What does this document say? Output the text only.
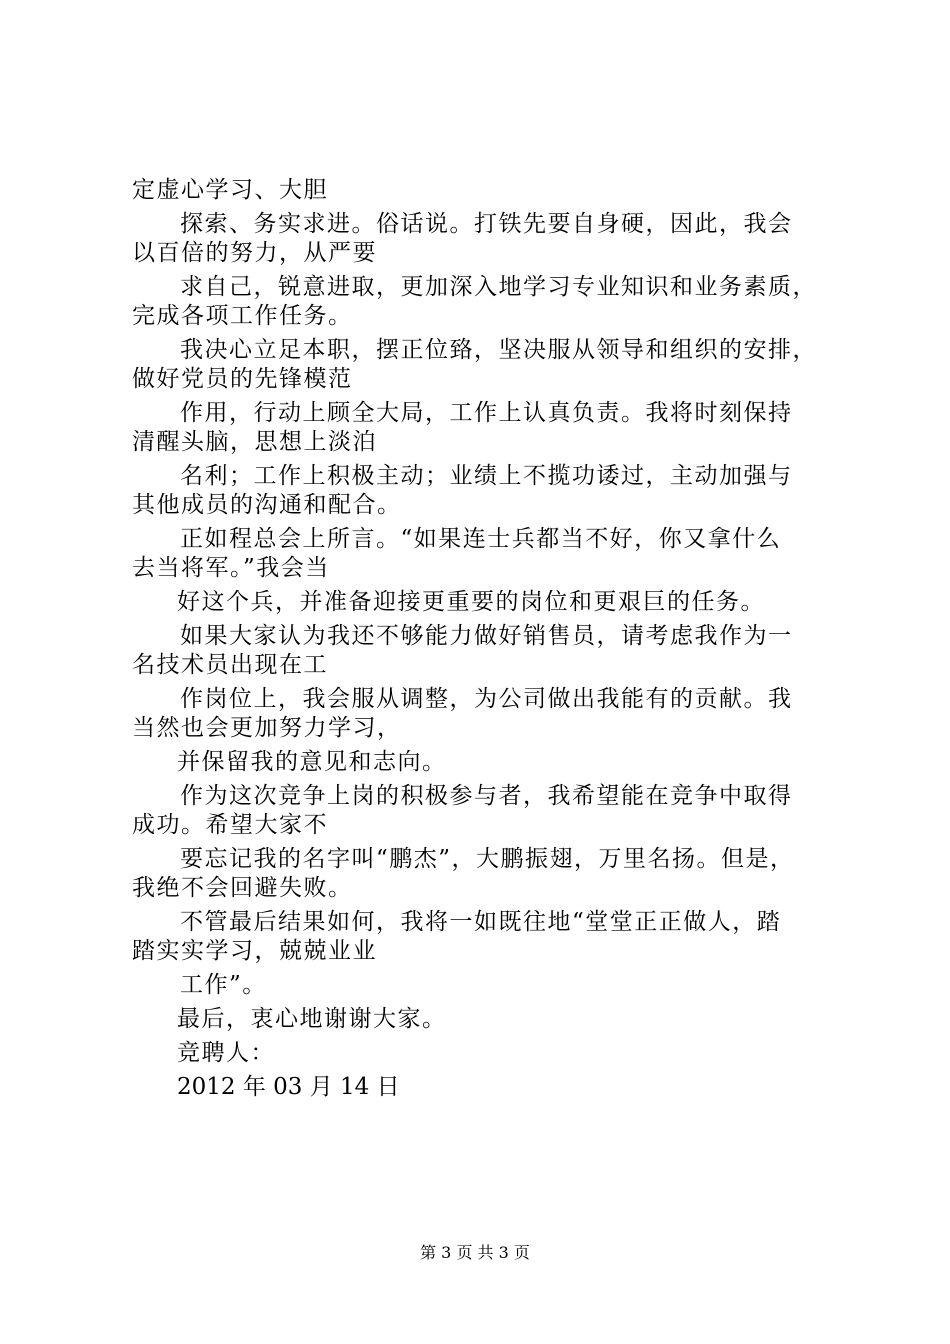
定虚心学习、大胆
探索、务实求进。俗话说。打铁先要自身硬，因此，我会
以百倍的努力，从严要
求自己，锐意进取，更加深入地学习专业知识和业务素质，
完成各项工作任务。
我决心立足本职，摆正位臵，坚决服从领导和组织的安排，
做好党员的先锋模范
作用，行动上顾全大局，工作上认真负责。我将时刻保持
清醒头脑，思想上淡泊
名利；工作上积极主动；业绩上不揽功诿过，主动加强与
其他成员的沟通和配合。
正如程总会上所言。“如果连士兵都当不好，你又拿什么
去当将军。”我会当
好这个兵，并准备迎接更重要的岗位和更艰巨的任务。
如果大家认为我还不够能力做好销售员，请考虑我作为一
名技术员出现在工
作岗位上，我会服从调整，为公司做出我能有的贡献。我
当然也会更加努力学习，
并保留我的意见和志向。
作为这次竞争上岗的积极参与者，我希望能在竞争中取得
成功。希望大家不
要忘记我的名字叫“鹏杰”，大鹏振翅，万里名扬。但是，
我绝不会回避失败。
不管最后结果如何，我将一如既往地“堂堂正正做人，踏
踏实实学习，兢兢业业
工作”。
最后，衷心地谢谢大家。
竞聘人：
2012 年 03 月 14 日
第 3 页 共 3 页
